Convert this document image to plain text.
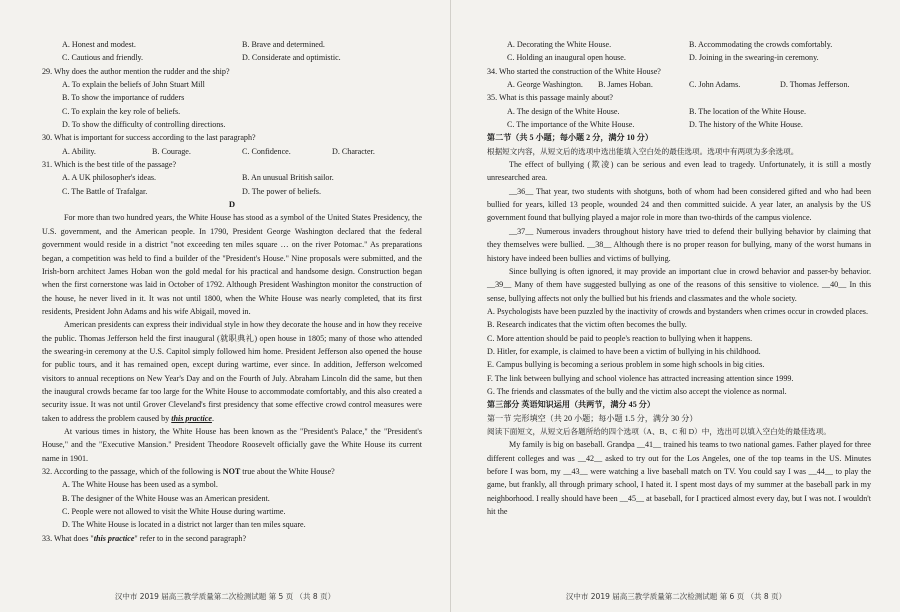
A. Honest and modest.	B. Brave and determined.
C. Cautious and friendly.	D. Considerate and optimistic.
29. Why does the author mention the rudder and the ship?
A. To explain the beliefs of John Stuart Mill
B. To show the importance of rudders
C. To explain the key role of beliefs.
D. To show the difficulty of controlling directions.
30. What is important for success according to the last paragraph?
A. Ability.	B. Courage.	C. Confidence.	D. Character.
31. Which is the best title of the passage?
A. A UK philosopher's ideas.	B. An unusual British sailor.
C. The Battle of Trafalgar.	D. The power of beliefs.
D
For more than two hundred years, the White House has stood as a symbol of the United States Presidency, the U.S. government, and the American people. In 1790, President George Washington declared that the federal government would reside in a district "not exceeding ten miles square … on the river Potomac." As preparations began, a competition was held to find a builder of the "President's House." Nine proposals were submitted, and the Irish-born architect James Hoban won the gold medal for his practical and handsome design. Construction began when the first cornerstone was laid in October of 1792. Although President Washington monitor the construction of the house, he never lived in it. It was not until 1800, when the White House was nearly completed, that its first residents, President John Adams and his wife Abigail, moved in.
American presidents can express their individual style in how they decorate the house and in how they receive the public. Thomas Jefferson held the first inaugural (就职典礼) open house in 1805; many of those who attended the swearing-in ceremony at the U.S. Capitol simply followed him home. President Jefferson also opened the house for public tours, and it has remained open, except during wartime, ever since. In addition, Jefferson welcomed visitors to annual receptions on New Year's Day and on the Fourth of July. Abraham Lincoln did the same, but then the inaugural crowds became far too large for the White House to accommodate comfortably, and this also created a security issue. It was not until Grover Cleveland's first presidency that some effective crowd control measures were taken to address the problem caused by this practice.
At various times in history, the White House has been known as the "President's Palace," the "President's House," and the "Executive Mansion." President Theodore Roosevelt officially gave the White House its current name in 1901.
32. According to the passage, which of the following is NOT true about the White House?
A. The White House has been used as a symbol.
B. The designer of the White House was an American president.
C. People were not allowed to visit the White House during wartime.
D. The White House is located in a district not larger than ten miles square.
33. What does "this practice" refer to in the second paragraph?
汉中市 2019 届高三教学质量第二次检测试题 第 5 页 （共 8 页）
A. Decorating the White House.	B. Accommodating the crowds comfortably.
C. Holding an inaugural open house.	D. Joining in the swearing-in ceremony.
34. Who started the construction of the White House?
A. George Washington.	B. James Hoban.	C. John Adams.	D. Thomas Jefferson.
35. What is this passage mainly about?
A. The design of the White House.	B. The location of the White House.
C. The importance of the White House.	D. The history of the White House.
第二节（共 5 小题；每小题 2 分，满分 10 分）
根据短文内容，从短文后的选项中选出能填入空白处的最佳选项。选项中有两项为多余选项。
The effect of bullying (欺凌) can be serious and even lead to tragedy. Unfortunately, it is still a mostly unresearched area.
__36__ That year, two students with shotguns, both of whom had been considered gifted and who had been bullied for years, killed 13 people, wounded 24 and then committed suicide. A year later, an analysis by the US government found that bullying played a major role in more than two-thirds of the campus violence.
__37__ Numerous invaders throughout history have tried to defend their bullying behavior by claiming that they themselves were bullied. __38__ Although there is no proper reason for bullying, many of the worst humans in history have indeed been bullies and victims of bullying.
Since bullying is often ignored, it may provide an important clue in crowd behavior and passer-by behavior. __39__ Many of them have suggested bullying as one of the reasons of this sensitive to violence. __40__ In this sense, bullying affects not only the bullied but his friends and classmates and the whole society.
A. Psychologists have been puzzled by the inactivity of crowds and bystanders when crimes occur in crowded places.
B. Research indicates that the victim often becomes the bully.
C. More attention should be paid to people's reaction to bullying when it happens.
D. Hitler, for example, is claimed to have been a victim of bullying in his childhood.
E. Campus bullying is becoming a serious problem in some high schools in big cities.
F. The link between bullying and school violence has attracted increasing attention since 1999.
G. The friends and classmates of the bully and the victim also accept the violence as normal.
第三部分 英语知识运用（共两节，满分 45 分）
第一节 完形填空（共 20 小题；每小题 1.5 分，满分 30 分）
阅读下面短文，从短文后各题所给的四个选项（A、B、C 和 D）中，选出可以填入空白处的最佳选项。
My family is big on baseball. Grandpa __41__ trained his teams to two national games. Father played for three different colleges and was __42__ asked to try out for the Los Angeles, one of the top teams in the US. Minutes before I was born, my __43__ were watching a live baseball match on TV. You could say I was __44__ to play the game, but frankly, all through primary school, I hated it. I spent most days of my summer at the baseball park in my neighborhood. I really should have been __45__ at baseball, for I practiced almost every day, but I was not. I wouldn't hit the
汉中市 2019 届高三教学质量第二次检测试题 第 6 页 （共 8 页）
